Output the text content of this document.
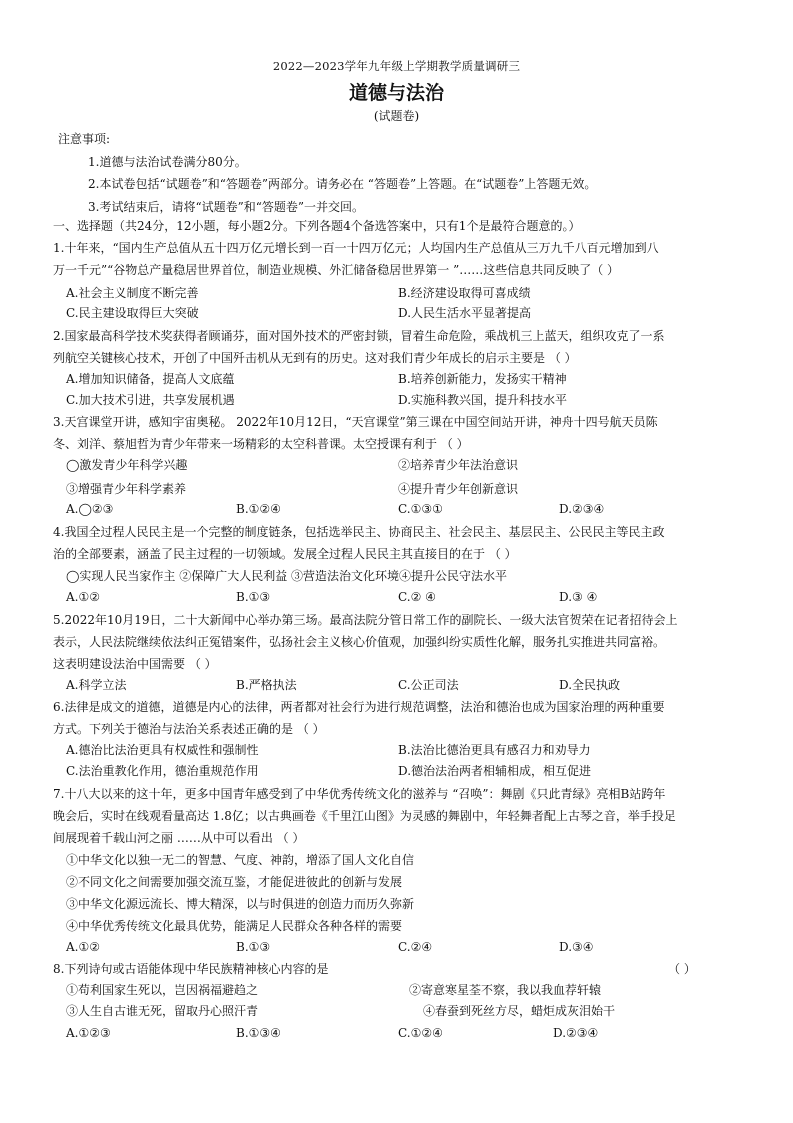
2022—2023学年九年级上学期教学质量调研三
道德与法治
(试题卷)
注意事项:
1.道德与法治试卷满分80分。
2.本试卷包括“试题卷”和“答题卷”两部分。请务必在 “答题卷”上答题。在“试题卷”上答题无效。
3.考试结束后，请将“试题卷”和“答题卷”一并交回。
一、选择题（共24分，12小题，每小题2分。下列各题4个备选答案中，只有1个是最符合题意的。）
1.十年来，“国内生产总值从五十四万亿元增长到一百一十四万亿元；人均国内生产总值从三万九千八百元增加到八
万一千元”“谷物总产量稳居世界首位，制造业规模、外汇储备稳居世界第一 ”……这些信息共同反映了（ ）
A.社会主义制度不断完善	B.经济建设取得可喜成绩
C.民主建设取得巨大突破	D.人民生活水平显著提高
2.国家最高科学技术奖获得者顾诵芬，面对国外技术的严密封锁，冒着生命危险，乘战机三上蓝天，组织攻克了一系
列航空关键核心技术，开创了中国歼击机从无到有的历史。这对我们青少年成长的启示主要是 （ ）
A.增加知识储备，提高人文底蕴	B.培养创新能力，发扬实干精神
C.加大技术引进，共享发展机遇	D.实施科教兴国，提升科技水平
3.天宫课堂开讲，感知宇宙奥秘。 2022年10月12日，“天宫课堂”第三课在中国空间站开讲，神舟十四号航天员陈
冬、刘洋、蔡旭哲为青少年带来一场精彩的太空科普课。太空授课有利于 （ ）
◯激发青少年科学兴趣	②培养青少年法治意识
③增强青少年科学素养	④提升青少年创新意识
A.◯②③	B.①②④	C.①③①	D.②③④
4.我国全过程人民民主是一个完整的制度链条，包括选举民主、协商民主、社会民主、基层民主、公民民主等民主政
治的全部要素，涵盖了民主过程的一切领域。发展全过程人民民主其直接目的在于 （ ）
◯实现人民当家作主 ②保障广大人民利益 ③营造法治文化环境④提升公民守法水平
A.①②	B.①③	C.② ④	D.③ ④
5.2022年10月19日，二十大新闻中心举办第三场。最高法院分管日常工作的副院长、一级大法官贺荣在记者招待会上
表示，人民法院继续依法纠正冤错案件，弘扬社会主义核心价值观，加强纠纷实质性化解，服务扎实推进共同富裕。
这表明建设法治中国需要 （ ）
A.科学立法	B.严格执法	C.公正司法	D.全民执政
6.法律是成文的道德，道德是内心的法律，两者都对社会行为进行规范调整，法治和德治也成为国家治理的两种重要
方式。下列关于德治与法治关系表述正确的是 （ ）
A.德治比法治更具有权威性和强制性	B.法治比德治更具有感召力和劝导力
C.法治重教化作用，德治重规范作用	D.德治法治两者相辅相成，相互促进
7.十八大以来的这十年，更多中国青年感受到了中华优秀传统文化的滋养与 “召唤”：舞剧《只此青绿》亮相B站跨年
晚会后，实时在线观看量高达 1.8亿；以古典画卷《千里江山图》为灵感的舞剧中，年轻舞者配上古琴之音，举手投足
间展现着千载山河之丽 ……从中可以看出 （ ）
①中华文化以独一无二的智慧、气度、神韵，增添了国人文化自信
②不同文化之间需要加强交流互鉴，才能促进彼此的创新与发展
③中华文化源远流长、博大精深，以与时俱进的创造力而历久弥新
④中华优秀传统文化最具优势，能满足人民群众各种各样的需要
A.①②	B.①③	C.②④	D.③④
8.下列诗句或古语能体现中华民族精神核心内容的是	（ ）
①苟利国家生死以，岂因祸福避趋之	②寄意寒星荃不察，我以我血荐轩辕
③人生自古谁无死，留取丹心照汗青	④春蚕到死丝方尽，蜡炬成灰泪始干
A.①②③	B.①③④	C.①②④	D.②③④
